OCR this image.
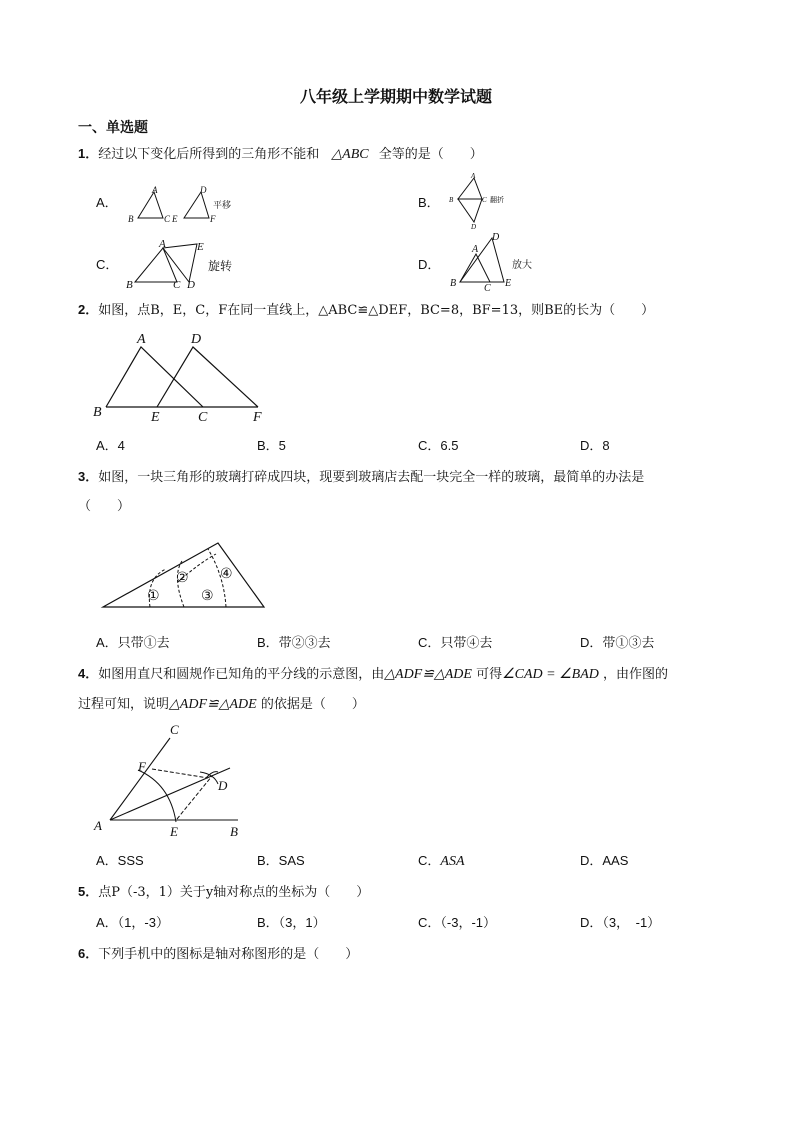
八年级上学期期中数学试题
一、单选题
1．经过以下变化后所得到的三角形不能和 △ABC 全等的是（　　）
A．	B．
C．	D．
A
B	C E
D
F
平移
A
B	C
D
翻折
A
B	C
E
D
旋转
A
D
B	C E
放大
2．如图，点B，E，C，F在同一直线上，△ABC≌△DEF，BC=8，BF=13，则BE的长为（　　）
A	D
B	E	C	F
A．4	B．5	C．6.5	D．8
3．如图，一块三角形的玻璃打碎成四块，现要到玻璃店去配一块完全一样的玻璃，最简单的办法是
（　　）
①
②
③
④
A．只带①去	B．带②③去	C．只带④去	D．带①③去
4．如图用直尺和圆规作已知角的平分线的示意图，由△ADF≌△ADE 可得∠CAD = ∠BAD ，由作图的
过程可知，说明△ADF≌△ADE 的依据是（　　）
C
F
D
A	E	B
A．SSS	B．SAS	C．ASA	D．AAS
5．点P（-3，1）关于y轴对称点的坐标为（　　）
A．（1，-3）	B．（3，1）	C．（-3，-1）	D．（3，　-1）
6．下列手机中的图标是轴对称图形的是（　　）
